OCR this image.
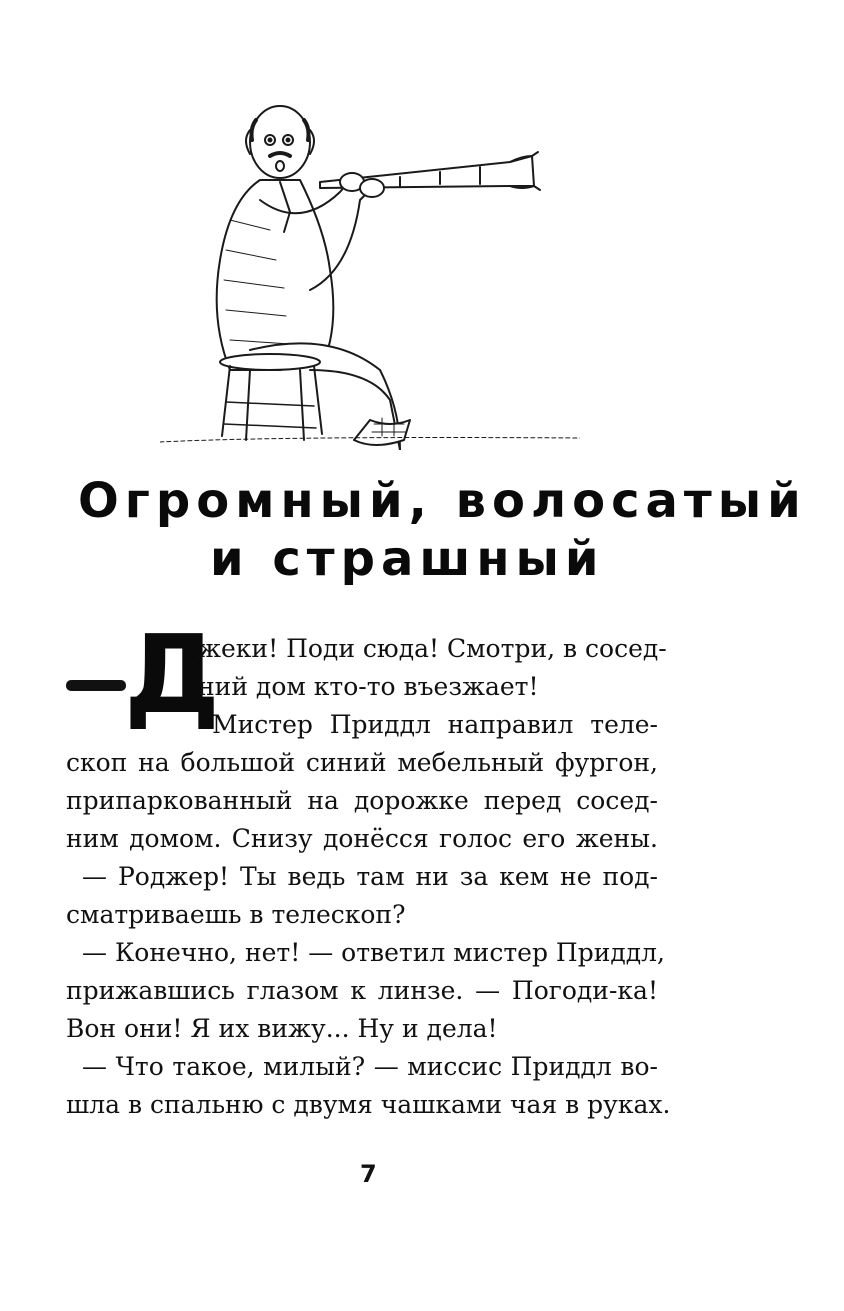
Огромный, волосатый
и страшный
Д
жеки! Поди сюда! Смотри, в сосед-
ний дом кто-то въезжает!
Мистер Приддл направил теле-
скоп на большой синий мебельный фургон,
припаркованный на дорожке перед сосед-
ним домом. Снизу донёсся голос его жены.
— Роджер! Ты ведь там ни за кем не под-
сматриваешь в телескоп?
— Конечно, нет! — ответил мистер Приддл,
прижавшись глазом к линзе. — Погоди-ка!
Вон они! Я их вижу... Ну и дела!
— Что такое, милый? — миссис Приддл во-
шла в спальню с двумя чашками чая в руках.
7
